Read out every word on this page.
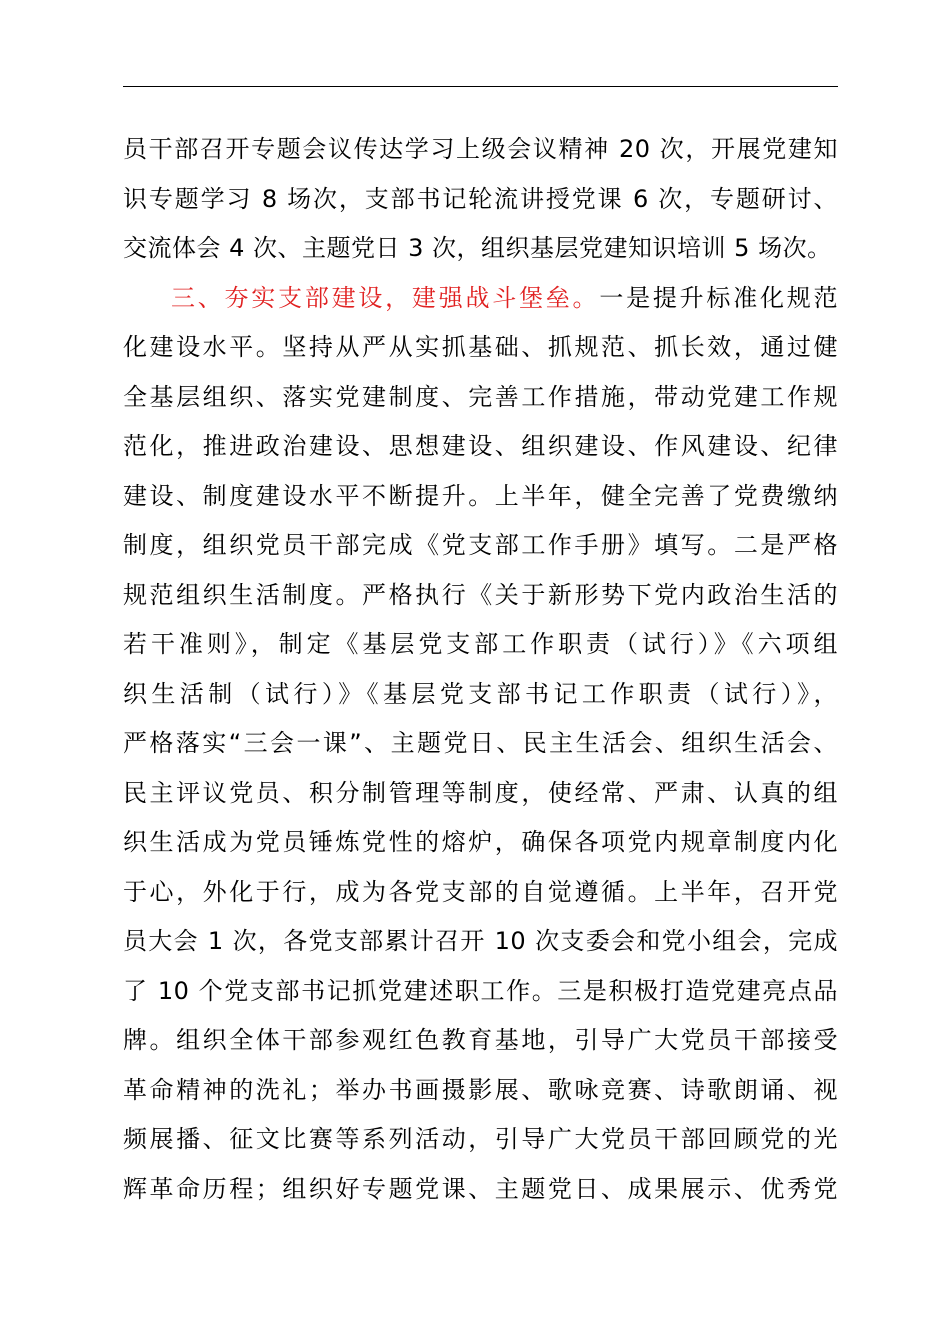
员干部召开专题会议传达学习上级会议精神 20 次，开展党建知
识专题学习 8 场次，支部书记轮流讲授党课 6 次，专题研讨、
交流体会 4 次、主题党日 3 次，组织基层党建知识培训 5 场次。
三、夯实支部建设，建强战斗堡垒。一是提升标准化规范
化建设水平。坚持从严从实抓基础、抓规范、抓长效，通过健
全基层组织、落实党建制度、完善工作措施，带动党建工作规
范化，推进政治建设、思想建设、组织建设、作风建设、纪律
建设、制度建设水平不断提升。上半年，健全完善了党费缴纳
制度，组织党员干部完成《党支部工作手册》填写。二是严格
规范组织生活制度。严格执行《关于新形势下党内政治生活的
若干准则》，制定《基层党支部工作职责（试行）》《六项组
织生活制（试行）》《基层党支部书记工作职责（试行）》，
严格落实“三会一课”、主题党日、民主生活会、组织生活会、
民主评议党员、积分制管理等制度，使经常、严肃、认真的组
织生活成为党员锤炼党性的熔炉，确保各项党内规章制度内化
于心，外化于行，成为各党支部的自觉遵循。上半年，召开党
员大会 1 次，各党支部累计召开 10 次支委会和党小组会，完成
了 10 个党支部书记抓党建述职工作。三是积极打造党建亮点品
牌。组织全体干部参观红色教育基地，引导广大党员干部接受
革命精神的洗礼；举办书画摄影展、歌咏竞赛、诗歌朗诵、视
频展播、征文比赛等系列活动，引导广大党员干部回顾党的光
辉革命历程；组织好专题党课、主题党日、成果展示、优秀党
